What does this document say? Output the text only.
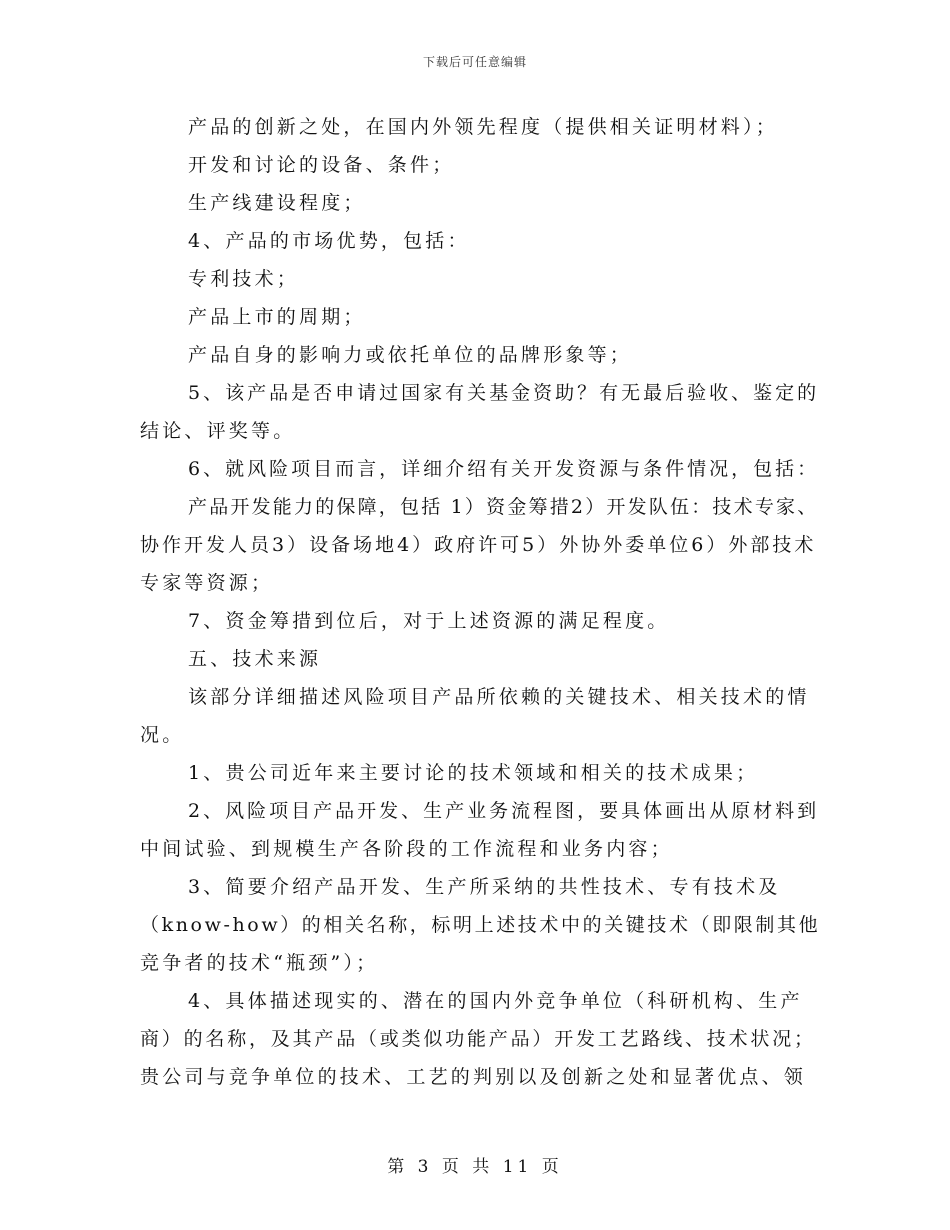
下载后可任意编辑
产品的创新之处，在国内外领先程度（提供相关证明材料）；
开发和讨论的设备、条件；
生产线建设程度；
4、产品的市场优势，包括：
专利技术；
产品上市的周期；
产品自身的影响力或依托单位的品牌形象等；
5、该产品是否申请过国家有关基金资助？有无最后验收、鉴定的
结论、评奖等。
6、就风险项目而言，详细介绍有关开发资源与条件情况，包括：
产品开发能力的保障，包括 1）资金筹措2）开发队伍：技术专家、
协作开发人员3）设备场地4）政府许可5）外协外委单位6）外部技术
专家等资源；
7、资金筹措到位后，对于上述资源的满足程度。
五、技术来源
该部分详细描述风险项目产品所依赖的关键技术、相关技术的情
况。
1、贵公司近年来主要讨论的技术领域和相关的技术成果；
2、风险项目产品开发、生产业务流程图，要具体画出从原材料到
中间试验、到规模生产各阶段的工作流程和业务内容；
3、简要介绍产品开发、生产所采纳的共性技术、专有技术及
（know-how）的相关名称，标明上述技术中的关键技术（即限制其他
竞争者的技术“瓶颈”）；
4、具体描述现实的、潜在的国内外竞争单位（科研机构、生产
商）的名称，及其产品（或类似功能产品）开发工艺路线、技术状况；
贵公司与竞争单位的技术、工艺的判别以及创新之处和显著优点、领
第 3 页 共 11 页
